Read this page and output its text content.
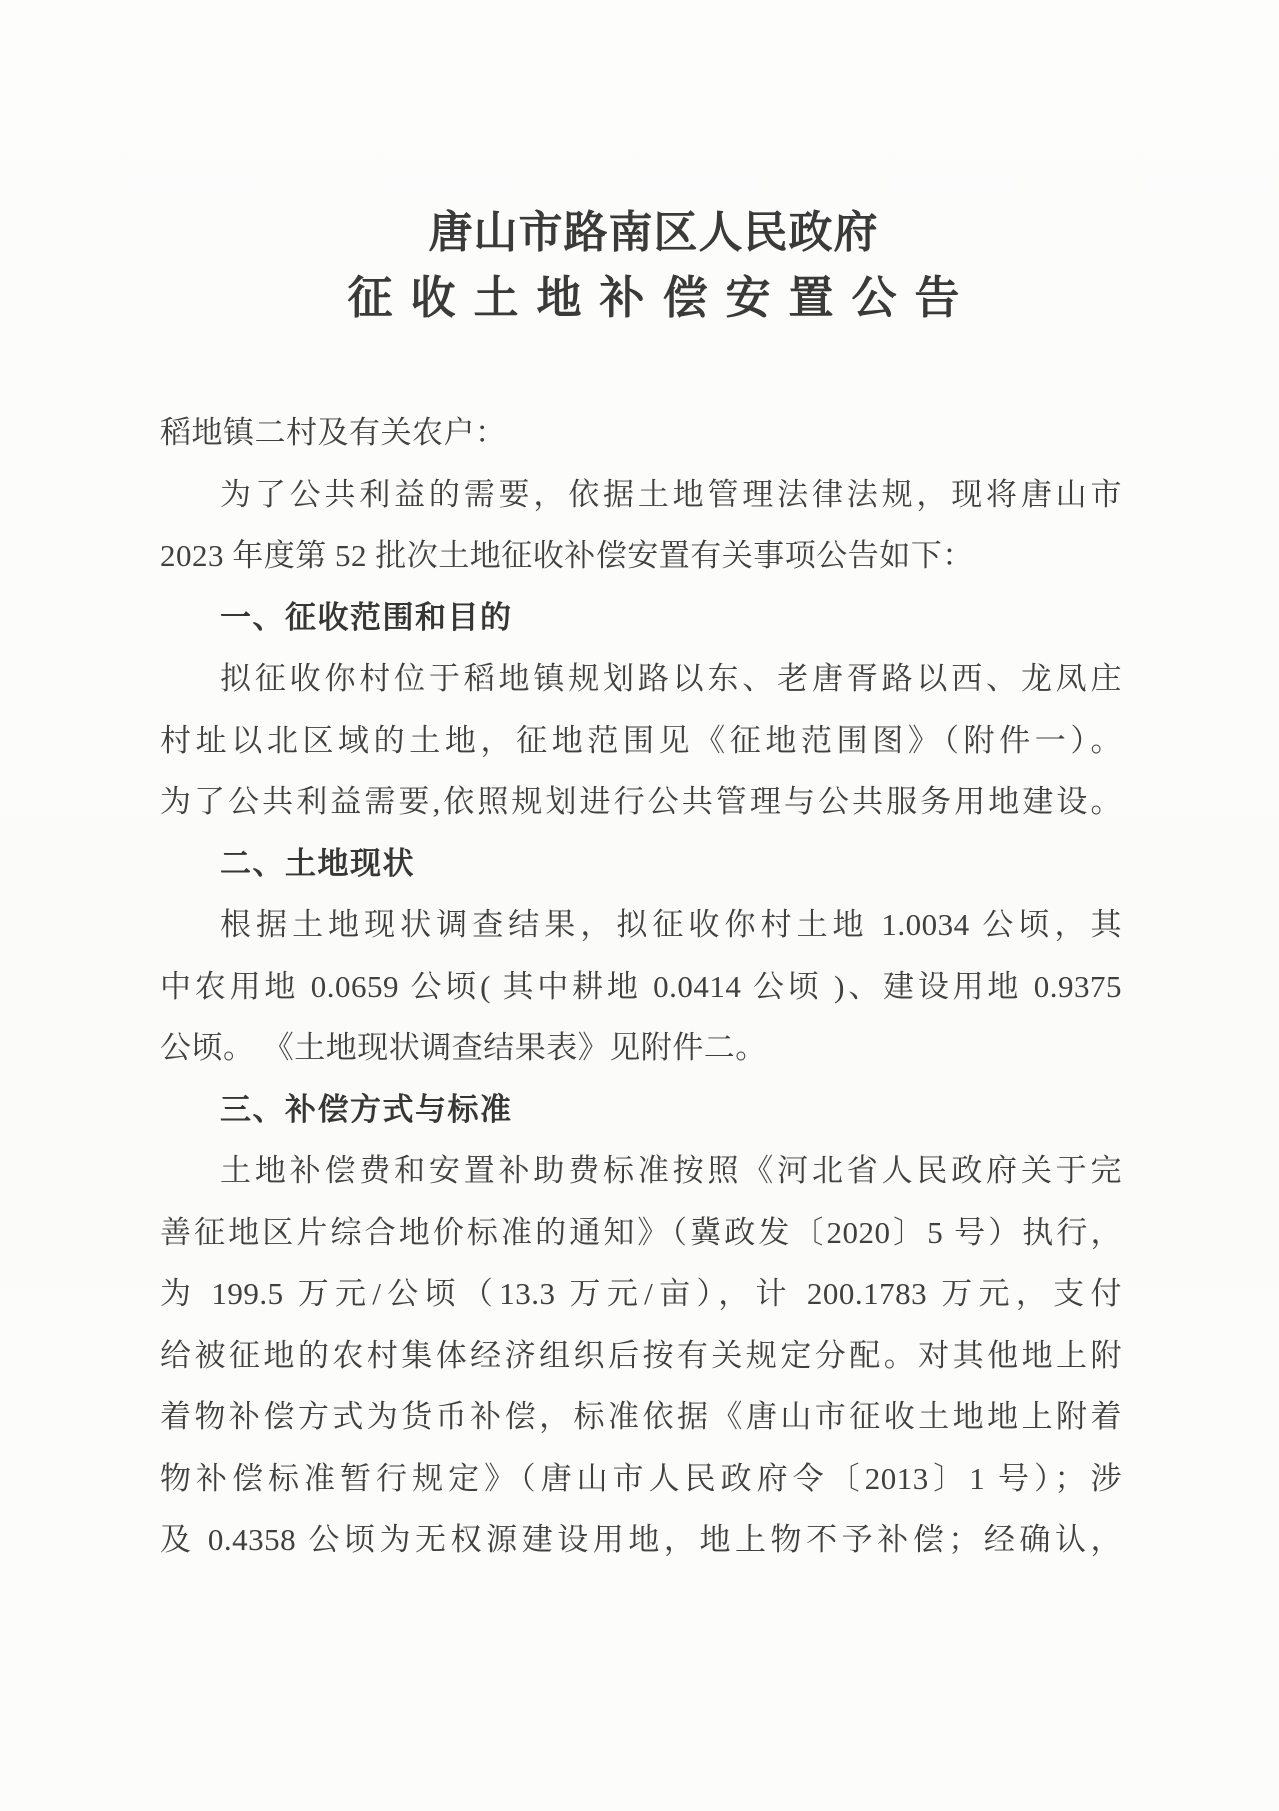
唐山市路南区人民政府
征收土地补偿安置公告
稻地镇二村及有关农户：
为了公共利益的需要，依据土地管理法律法规，现将唐山市
2023 年度第 52 批次土地征收补偿安置有关事项公告如下：
一、征收范围和目的
拟征收你村位于稻地镇规划路以东、老唐胥路以西、龙凤庄
村址以北区域的土地，征地范围见《征地范围图》（附件一）。
为了公共利益需要,依照规划进行公共管理与公共服务用地建设。
二、土地现状
根据土地现状调查结果，拟征收你村土地 1.0034 公顷，其
中农用地 0.0659 公顷( 其中耕地 0.0414 公顷 )、建设用地 0.9375
公顷。 《土地现状调查结果表》见附件二。
三、补偿方式与标准
土地补偿费和安置补助费标准按照《河北省人民政府关于完
善征地区片综合地价标准的通知》（冀政发〔2020〕5 号）执行，
为 199.5 万元/公顷（13.3 万元/亩），计 200.1783 万元，支付
给被征地的农村集体经济组织后按有关规定分配。对其他地上附
着物补偿方式为货币补偿，标准依据《唐山市征收土地地上附着
物补偿标准暂行规定》（唐山市人民政府令〔2013〕1 号）；涉
及 0.4358 公顷为无权源建设用地，地上物不予补偿；经确认，
